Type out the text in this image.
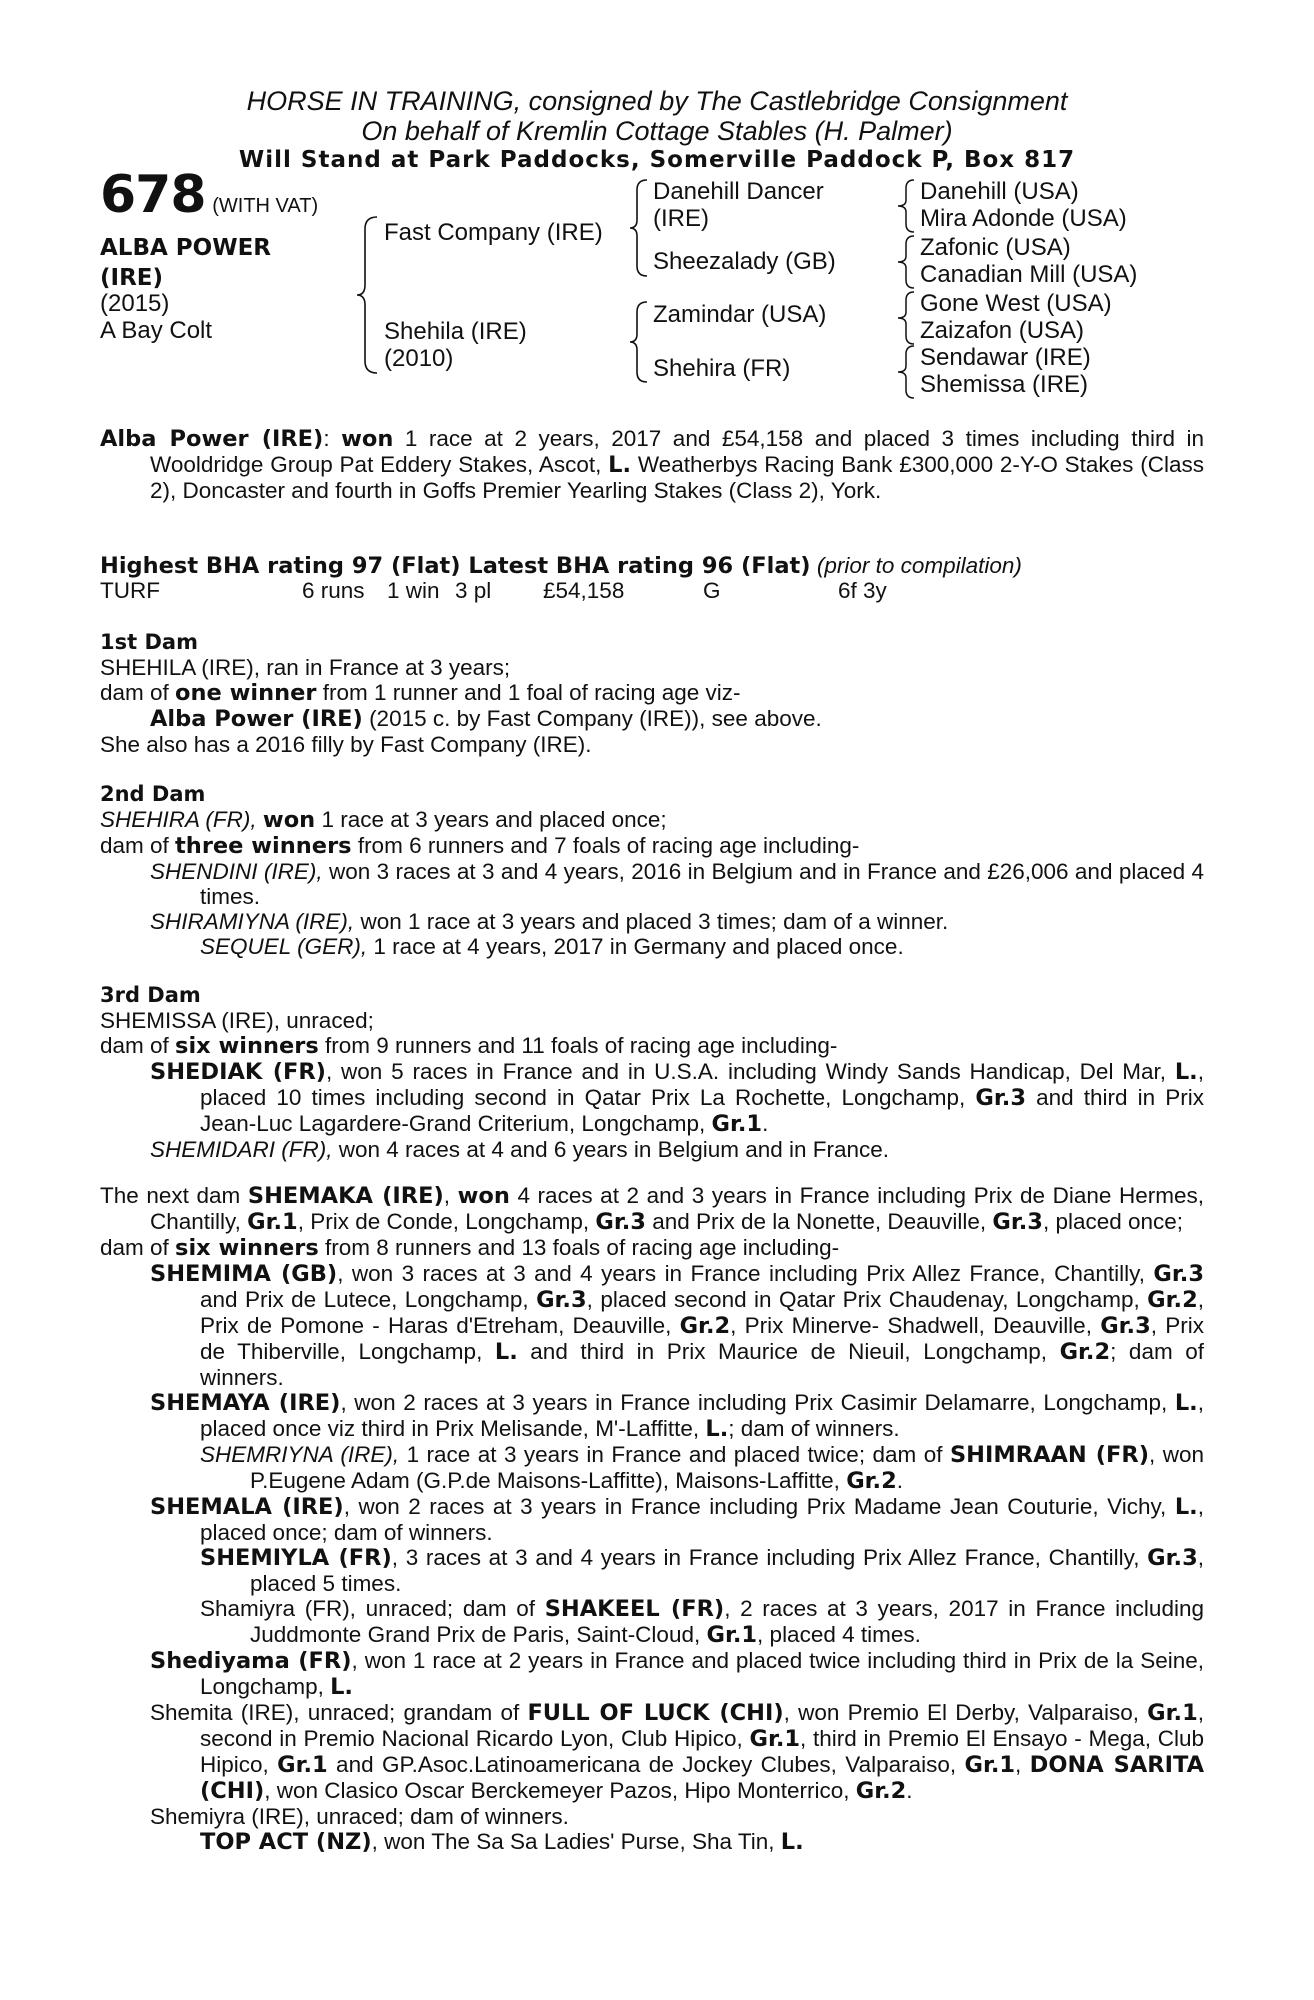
HORSE IN TRAINING, consigned by The Castlebridge Consignment
On behalf of Kremlin Cottage Stables (H. Palmer)
Will Stand at Park Paddocks, Somerville Paddock P, Box 817
678 (WITH VAT)
ALBA POWER
(IRE)
(2015)
A Bay Colt
Fast Company (IRE)
Shehila (IRE)
(2010)
Danehill Dancer
(IRE)
Sheezalady (GB)
Zamindar (USA)
Shehira (FR)
Danehill (USA)
Mira Adonde (USA)
Zafonic (USA)
Canadian Mill (USA)
Gone West (USA)
Zaizafon (USA)
Sendawar (IRE)
Shemissa (IRE)

Alba Power (IRE): won 1 race at 2 years, 2017 and £54,158 and placed 3 times including third in Wooldridge Group Pat Eddery Stakes, Ascot, L. Weatherbys Racing Bank £300,000 2-Y-O Stakes (Class 2), Doncaster and fourth in Goffs Premier Yearling Stakes (Class 2), York.

Highest BHA rating 97 (Flat) Latest BHA rating 96 (Flat) (prior to compilation)
TURF	6 runs 1 win 3 pl £54,158	G	6f 3y

1st Dam

SHEHILA (IRE), ran in France at 3 years;

dam of one winner from 1 runner and 1 foal of racing age viz-

Alba Power (IRE) (2015 c. by Fast Company (IRE)), see above.

She also has a 2016 filly by Fast Company (IRE).

2nd Dam

SHEHIRA (FR), won 1 race at 3 years and placed once;

dam of three winners from 6 runners and 7 foals of racing age including-

SHENDINI (IRE), won 3 races at 3 and 4 years, 2016 in Belgium and in France and £26,006 and placed 4 times.

SHIRAMIYNA (IRE), won 1 race at 3 years and placed 3 times; dam of a winner.

SEQUEL (GER), 1 race at 4 years, 2017 in Germany and placed once.

3rd Dam

SHEMISSA (IRE), unraced;

dam of six winners from 9 runners and 11 foals of racing age including-

SHEDIAK (FR), won 5 races in France and in U.S.A. including Windy Sands Handicap, Del Mar, L., placed 10 times including second in Qatar Prix La Rochette, Longchamp, Gr.3 and third in Prix Jean-Luc Lagardere-Grand Criterium, Longchamp, Gr.1.

SHEMIDARI (FR), won 4 races at 4 and 6 years in Belgium and in France.

The next dam SHEMAKA (IRE), won 4 races at 2 and 3 years in France including Prix de Diane Hermes, Chantilly, Gr.1, Prix de Conde, Longchamp, Gr.3 and Prix de la Nonette, Deauville, Gr.3, placed once;

dam of six winners from 8 runners and 13 foals of racing age including-

SHEMIMA (GB), won 3 races at 3 and 4 years in France including Prix Allez France, Chantilly, Gr.3 and Prix de Lutece, Longchamp, Gr.3, placed second in Qatar Prix Chaudenay, Longchamp, Gr.2, Prix de Pomone - Haras d'Etreham, Deauville, Gr.2, Prix Minerve- Shadwell, Deauville, Gr.3, Prix de Thiberville, Longchamp, L. and third in Prix Maurice de Nieuil, Longchamp, Gr.2; dam of winners.

SHEMAYA (IRE), won 2 races at 3 years in France including Prix Casimir Delamarre, Longchamp, L., placed once viz third in Prix Melisande, M'-Laffitte, L.; dam of winners.

SHEMRIYNA (IRE), 1 race at 3 years in France and placed twice; dam of SHIMRAAN (FR), won P.Eugene Adam (G.P.de Maisons-Laffitte), Maisons-Laffitte, Gr.2.

SHEMALA (IRE), won 2 races at 3 years in France including Prix Madame Jean Couturie, Vichy, L., placed once; dam of winners.

SHEMIYLA (FR), 3 races at 3 and 4 years in France including Prix Allez France, Chantilly, Gr.3, placed 5 times.

Shamiyra (FR), unraced; dam of SHAKEEL (FR), 2 races at 3 years, 2017 in France including Juddmonte Grand Prix de Paris, Saint-Cloud, Gr.1, placed 4 times.

Shediyama (FR), won 1 race at 2 years in France and placed twice including third in Prix de la Seine, Longchamp, L.

Shemita (IRE), unraced; grandam of FULL OF LUCK (CHI), won Premio El Derby, Valparaiso, Gr.1, second in Premio Nacional Ricardo Lyon, Club Hipico, Gr.1, third in Premio El Ensayo - Mega, Club Hipico, Gr.1 and GP.Asoc.Latinoamericana de Jockey Clubes, Valparaiso, Gr.1, DONA SARITA (CHI), won Clasico Oscar Berckemeyer Pazos, Hipo Monterrico, Gr.2.

Shemiyra (IRE), unraced; dam of winners.

TOP ACT (NZ), won The Sa Sa Ladies' Purse, Sha Tin, L.
